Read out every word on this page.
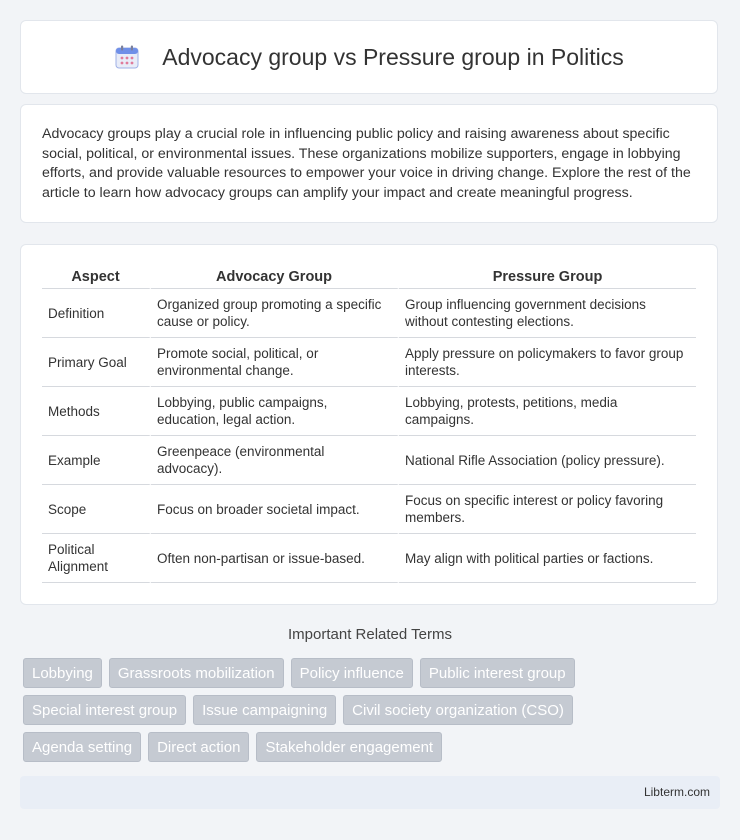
Advocacy group vs Pressure group in Politics

Advocacy groups play a crucial role in influencing public policy and raising awareness about specific social, political, or environmental issues. These organizations mobilize supporters, engage in lobbying efforts, and provide valuable resources to empower your voice in driving change. Explore the rest of the article to learn how advocacy groups can amplify your impact and create meaningful progress.

Aspect	Advocacy Group	Pressure Group
Definition	Organized group promoting a specific cause or policy.	Group influencing government decisions without contesting elections.
Primary Goal	Promote social, political, or environmental change.	Apply pressure on policymakers to favor group interests.
Methods	Lobbying, public campaigns, education, legal action.	Lobbying, protests, petitions, media campaigns.
Example	Greenpeace (environmental advocacy).	National Rifle Association (policy pressure).
Scope	Focus on broader societal impact.	Focus on specific interest or policy favoring members.
Political Alignment	Often non-partisan or issue-based.	May align with political parties or factions.
Important Related Terms
Lobbying	Grassroots mobilization	Policy influence	Public interest group
Special interest group	Issue campaigning	Civil society organization (CSO)
Agenda setting	Direct action	Stakeholder engagement
Libterm.com
